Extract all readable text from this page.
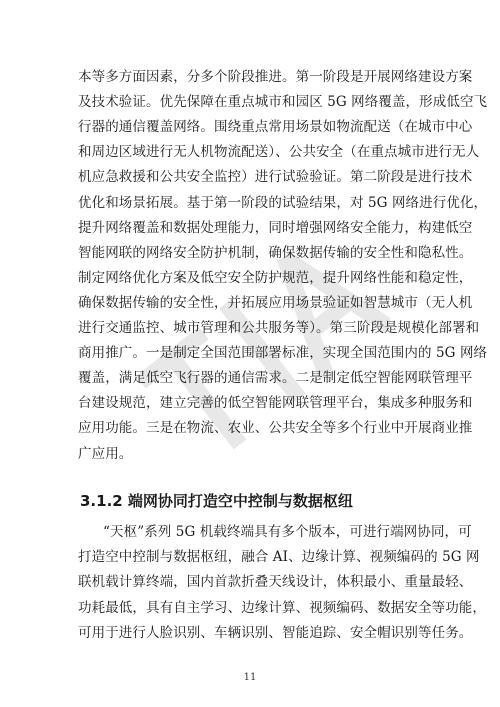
本等多方面因素，分多个阶段推进。第一阶段是开展网络建设方案
及技术验证。优先保障在重点城市和园区 5G 网络覆盖，形成低空飞
行器的通信覆盖网络。围绕重点常用场景如物流配送（在城市中心
和周边区域进行无人机物流配送）、公共安全（在重点城市进行无人
机应急救援和公共安全监控）进行试验验证。第二阶段是进行技术
优化和场景拓展。基于第一阶段的试验结果，对 5G 网络进行优化，
提升网络覆盖和数据处理能力，同时增强网络安全能力，构建低空
智能网联的网络安全防护机制，确保数据传输的安全性和隐私性。
制定网络优化方案及低空安全防护规范，提升网络性能和稳定性，
确保数据传输的安全性，并拓展应用场景验证如智慧城市（无人机
进行交通监控、城市管理和公共服务等）。第三阶段是规模化部署和
商用推广。一是制定全国范围部署标准，实现全国范围内的 5G 网络
覆盖，满足低空飞行器的通信需求。二是制定低空智能网联管理平
台建设规范，建立完善的低空智能网联管理平台，集成多种服务和
应用功能。三是在物流、农业、公共安全等多个行业中开展商业推
广应用。
3.1.2 端网协同打造空中控制与数据枢纽
“天枢”系列 5G 机载终端具有多个版本，可进行端网协同，可
打造空中控制与数据枢纽，融合 AI、边缘计算、视频编码的 5G 网
联机载计算终端，国内首款折叠天线设计，体积最小、重量最轻、
功耗最低，具有自主学习、边缘计算、视频编码、数据安全等功能，
可用于进行人脸识别、车辆识别、智能追踪、安全帽识别等任务。
11
